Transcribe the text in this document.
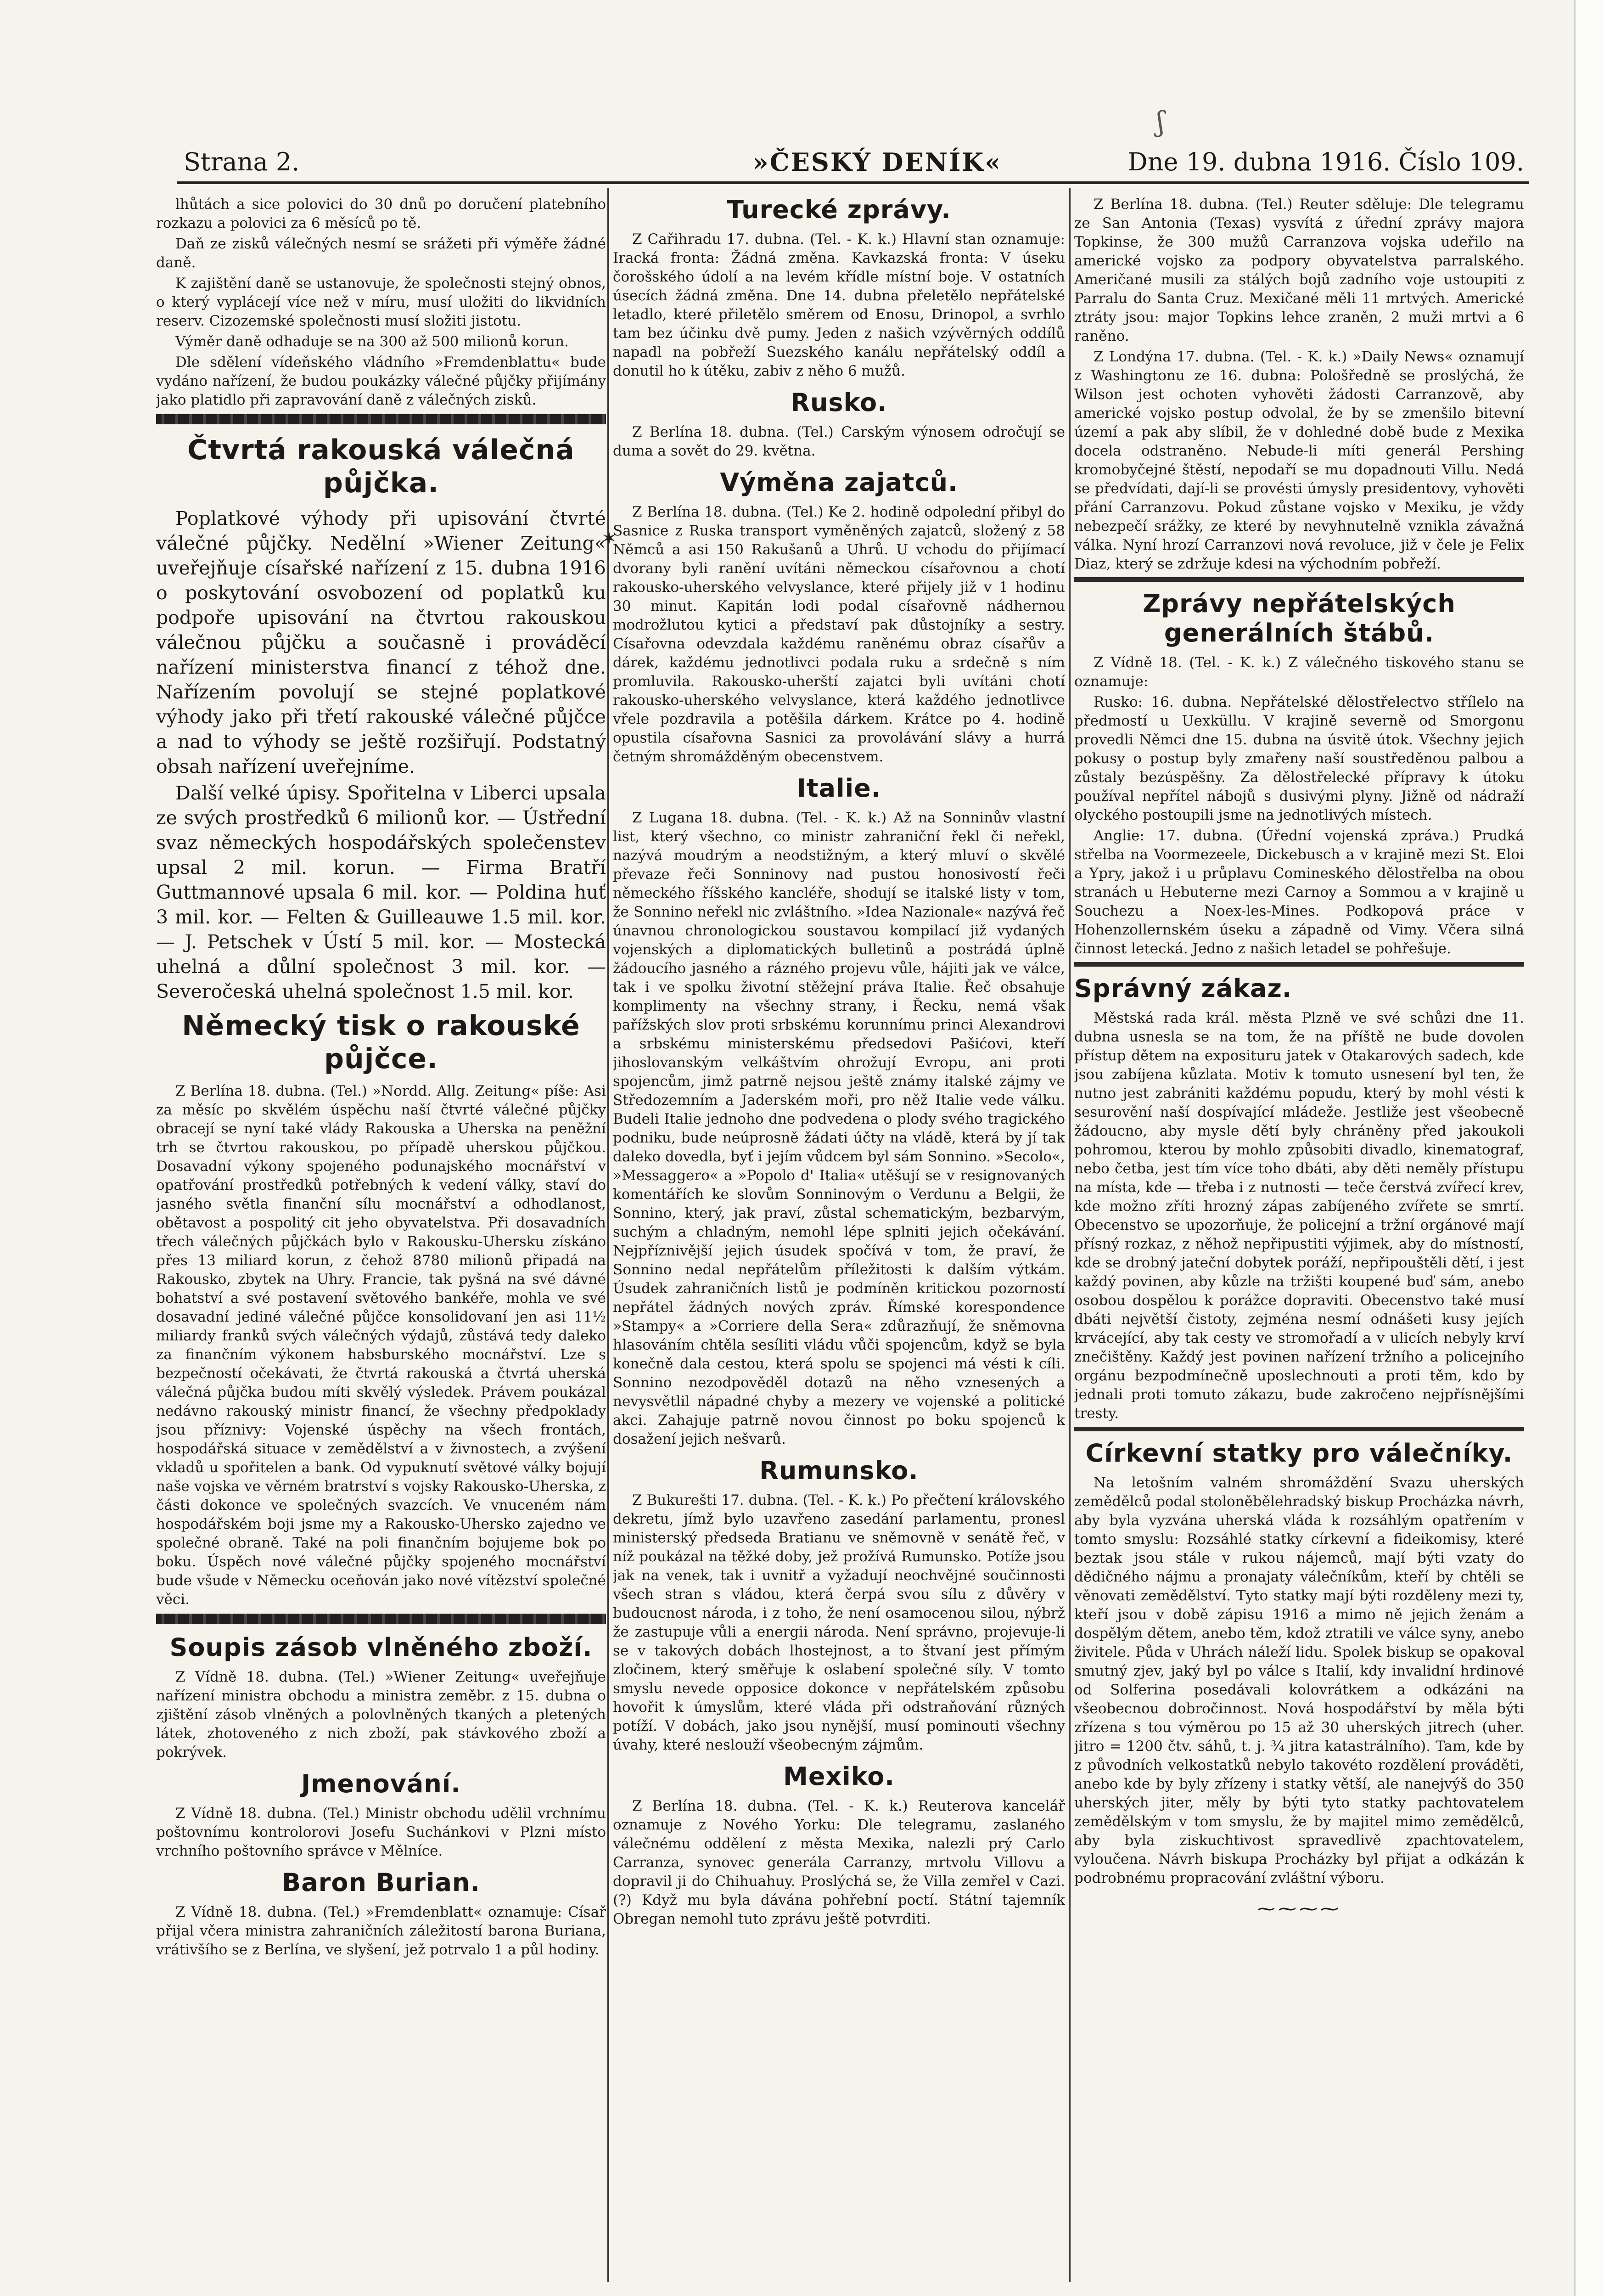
ʃ
Strana 2.	»ČESKÝ DENÍK«	Dne 19. dubna 1916. Číslo 109.
✶

lhůtách a sice polovici do 30 dnů po doručení platebního rozkazu a polovici za 6 měsíců po tě.

Daň ze zisků válečných nesmí se srážeti při výměře žádné daně.

K zajištění daně se ustanovuje, že společnosti stejný obnos, o který vyplácejí více než v míru, musí uložiti do likvidních reserv. Cizozemské společnosti musí složiti jistotu.

Výměr daně odhaduje se na 300 až 500 milionů korun.

Dle sdělení vídeňského vládního »Fremdenblattu« bude vydáno nařízení, že budou poukázky válečné půjčky přijímány jako platidlo při zapravování daně z válečných zisků.

Čtvrtá rakouská válečná půjčka.

Poplatkové výhody při upisování čtvrté válečné půjčky. Nedělní »Wiener Zeitung« uveřejňuje císařské nařízení z 15. dubna 1916 o poskytování osvobození od poplatků ku podpoře upisování na čtvrtou rakouskou válečnou půjčku a současně i prováděcí nařízení ministerstva financí z téhož dne. Nařízením povolují se stejné poplatkové výhody jako při třetí rakouské válečné půjčce a nad to výhody se ještě rozšiřují. Podstatný obsah nařízení uveřejníme.

Další velké úpisy. Spořitelna v Liberci upsala ze svých prostředků 6 milionů kor. — Ústřední svaz německých hospodářských společenstev upsal 2 mil. korun. — Firma Bratří Guttmannové upsala 6 mil. kor. — Poldina huť 3 mil. kor. — Felten & Guilleauwe 1.5 mil. kor. — J. Petschek v Ústí 5 mil. kor. — Mostecká uhelná a důlní společnost 3 mil. kor. — Severočeská uhelná společnost 1.5 mil. kor.

Německý tisk o rakouské půjčce.

Z Berlína 18. dubna. (Tel.) »Nordd. Allg. Zeitung« píše: Asi za měsíc po skvělém úspěchu naší čtvrté válečné půjčky obracejí se nyní také vlády Rakouska a Uherska na peněžní trh se čtvrtou rakouskou, po případě uherskou půjčkou. Dosavadní výkony spojeného podunajského mocnářství v opatřování prostředků potřebných k vedení války, staví do jasného světla finanční sílu mocnářství a odhodlanost, obětavost a pospolitý cit jeho obyvatelstva. Při dosavadních třech válečných půjčkách bylo v Rakousku-Uhersku získáno přes 13 miliard korun, z čehož 8780 milionů připadá na Rakousko, zbytek na Uhry. Francie, tak pyšná na své dávné bohatství a své postavení světového bankéře, mohla ve své dosavadní jediné válečné půjčce konsolidovaní jen asi 11½ miliardy franků svých válečných výdajů, zůstává tedy daleko za finančním výkonem habsburského mocnářství. Lze s bezpečností očekávati, že čtvrtá rakouská a čtvrtá uherská válečná půjčka budou míti skvělý výsledek. Právem poukázal nedávno rakouský ministr financí, že všechny předpoklady jsou příznivy: Vojenské úspěchy na všech frontách, hospodářská situace v zemědělství a v živnostech, a zvýšení vkladů u spořitelen a bank. Od vypuknutí světové války bojují naše vojska ve věrném bratrství s vojsky Rakousko-Uherska, z části dokonce ve společných svazcích. Ve vnuceném nám hospodářském boji jsme my a Rakousko-Uhersko zajedno ve společné obraně. Také na poli finančním bojujeme bok po boku. Úspěch nové válečné půjčky spojeného mocnářství bude všude v Německu oceňován jako nové vítězství společné věci.

Soupis zásob vlněného zboží.

Z Vídně 18. dubna. (Tel.) »Wiener Zeitung« uveřejňuje nařízení ministra obchodu a ministra zeměbr. z 15. dubna o zjištění zásob vlněných a polovlněných tkaných a pletených látek, zhotoveného z nich zboží, pak stávkového zboží a pokrývek.

Jmenování.

Z Vídně 18. dubna. (Tel.) Ministr obchodu udělil vrchnímu poštovnímu kontrolorovi Josefu Suchánkovi v Plzni místo vrchního poštovního správce v Mělníce.

Baron Burian.

Z Vídně 18. dubna. (Tel.) »Fremdenblatt« oznamuje: Císař přijal včera ministra zahraničních záležitostí barona Buriana, vrátivšího se z Berlína, ve slyšení, jež potrvalo 1 a půl hodiny.

Turecké zprávy.

Z Cařihradu 17. dubna. (Tel. - K. k.) Hlavní stan oznamuje: Iracká fronta: Žádná změna. Kavkazská fronta: V úseku čorošského údolí a na levém křídle místní boje. V ostatních úsecích žádná změna. Dne 14. dubna přeletělo nepřátelské letadlo, které přiletělo směrem od Enosu, Drinopol, a svrhlo tam bez účinku dvě pumy. Jeden z našich vzývěrných oddílů napadl na pobřeží Suezského kanálu nepřátelský oddíl a donutil ho k útěku, zabiv z něho 6 mužů.

Rusko.

Z Berlína 18. dubna. (Tel.) Carským výnosem odročují se duma a sovět do 29. května.

Výměna zajatců.

Z Berlína 18. dubna. (Tel.) Ke 2. hodině odpolední přibyl do Sasnice z Ruska transport vyměněných zajatců, složený z 58 Němců a asi 150 Rakušanů a Uhrů. U vchodu do přijímací dvorany byli ranění uvítáni německou císařovnou a chotí rakousko-uherského velvyslance, které přijely již v 1 hodinu 30 minut. Kapitán lodi podal císařovně nádhernou modrožlutou kytici a představí pak důstojníky a sestry. Císařovna odevzdala každému raněnému obraz císařův a dárek, každému jednotlivci podala ruku a srdečně s ním promluvila. Rakousko-uherští zajatci byli uvítáni chotí rakousko-uherského velvyslance, která každého jednotlivce vřele pozdravila a potěšila dárkem. Krátce po 4. hodině opustila císařovna Sasnici za provolávání slávy a hurrá četným shromážděným obecenstvem.

Italie.

Z Lugana 18. dubna. (Tel. - K. k.) Až na Sonninův vlastní list, který všechno, co ministr zahraniční řekl či neřekl, nazývá moudrým a neodstižným, a který mluví o skvělé převaze řeči Sonninovy nad pustou honosivostí řeči německého říšského kancléře, shodují se italské listy v tom, že Sonnino neřekl nic zvláštního. »Idea Nazionale« nazývá řeč únavnou chronologickou soustavou kompilací již vydaných vojenských a diplomatických bulletinů a postrádá úplně žádoucího jasného a rázného projevu vůle, hájiti jak ve válce, tak i ve spolku životní stěžejní práva Italie. Řeč obsahuje komplimenty na všechny strany, i Řecku, nemá však pařížských slov proti srbskému korunnímu princi Alexandrovi a srbskému ministerskému předsedovi Pašićovi, kteří jihoslovanským velkáštvím ohrožují Evropu, ani proti spojencům, jimž patrně nejsou ještě známy italské zájmy ve Středozemním a Jaderském moři, pro něž Italie vede válku. Budeli Italie jednoho dne podvedena o plody svého tragického podniku, bude neúprosně žádati účty na vládě, která by jí tak daleko dovedla, byť i jejím vůdcem byl sám Sonnino. »Secolo«, »Messaggero« a »Popolo d' Italia« utěšují se v resignovaných komentářích ke slovům Sonninovým o Verdunu a Belgii, že Sonnino, který, jak praví, zůstal schematickým, bezbarvým, suchým a chladným, nemohl lépe splniti jejich očekávání. Nejpříznivější jejich úsudek spočívá v tom, že praví, že Sonnino nedal nepřátelům příležitosti k dalším výtkám. Úsudek zahraničních listů je podmíněn kritickou pozorností nepřátel žádných nových zpráv. Římské korespondence »Stampy« a »Corriere della Sera« zdůrazňují, že sněmovna hlasováním chtěla sesíliti vládu vůči spojencům, když se byla konečně dala cestou, která spolu se spojenci má vésti k cíli. Sonnino nezodpověděl dotazů na něho vznesených a nevysvětlil nápadné chyby a mezery ve vojenské a politické akci. Zahajuje patrně novou činnost po boku spojenců k dosažení jejich nešvarů.

Rumunsko.

Z Bukurešti 17. dubna. (Tel. - K. k.) Po přečtení královského dekretu, jímž bylo uzavřeno zasedání parlamentu, pronesl ministerský předseda Bratianu ve sněmovně v senátě řeč, v níž poukázal na těžké doby, jež prožívá Rumunsko. Potíže jsou jak na venek, tak i uvnitř a vyžadují neochvějné součinnosti všech stran s vládou, která čerpá svou sílu z důvěry v budoucnost národa, i z toho, že není osamocenou silou, nýbrž že zastupuje vůli a energii národa. Není správno, projevuje-li se v takových dobách lhostejnost, a to štvaní jest přímým zločinem, který směřuje k oslabení společné síly. V tomto smyslu nevede opposice dokonce v nepřátelském způsobu hovořit k úmyslům, které vláda při odstraňování různých potíží. V dobách, jako jsou nynější, musí pominouti všechny úvahy, které neslouží všeobecným zájmům.

Mexiko.

Z Berlína 18. dubna. (Tel. - K. k.) Reuterova kancelář oznamuje z Nového Yorku: Dle telegramu, zaslaného válečnému oddělení z města Mexika, nalezli prý Carlo Carranza, synovec generála Carranzy, mrtvolu Villovu a dopravil ji do Chihuahuy. Proslýchá se, že Villa zemřel v Cazi. (?) Když mu byla dávána pohřební poctí. Státní tajemník Obregan nemohl tuto zprávu ještě potvrditi.

Z Berlína 18. dubna. (Tel.) Reuter sděluje: Dle telegramu ze San Antonia (Texas) vysvítá z úřední zprávy majora Topkinse, že 300 mužů Carranzova vojska udeřilo na americké vojsko za podpory obyvatelstva parralského. Američané musili za stálých bojů zadního voje ustoupiti z Parralu do Santa Cruz. Mexičané měli 11 mrtvých. Americké ztráty jsou: major Topkins lehce zraněn, 2 muži mrtvi a 6 raněno.

Z Londýna 17. dubna. (Tel. - K. k.) »Daily News« oznamují z Washingtonu ze 16. dubna: Pološředně se proslýchá, že Wilson jest ochoten vyhověti žádosti Carranzově, aby americké vojsko postup odvolal, že by se zmenšilo bitevní území a pak aby slíbil, že v dohledné době bude z Mexika docela odstraněno. Nebude-li míti generál Pershing kromobyčejné štěstí, nepodaří se mu dopadnouti Villu. Nedá se předvídati, dají-li se provésti úmysly presidentovy, vyhověti přání Carranzovu. Pokud zůstane vojsko v Mexiku, je vždy nebezpečí srážky, ze které by nevyhnutelně vznikla závažná válka. Nyní hrozí Carranzovi nová revoluce, již v čele je Felix Diaz, který se zdržuje kdesi na východním pobřeží.

Zprávy nepřátelských generálních štábů.

Z Vídně 18. (Tel. - K. k.) Z válečného tiskového stanu se oznamuje:

Rusko: 16. dubna. Nepřátelské dělostřelectvo střílelo na předmostí u Uexküllu. V krajině severně od Smorgonu provedli Němci dne 15. dubna na úsvitě útok. Všechny jejich pokusy o postup byly zmařeny naší soustředěnou palbou a zůstaly bezúspěšny. Za dělostřelecké přípravy k útoku používal nepřítel nábojů s dusivými plyny. Jižně od nádraží olyckého postoupili jsme na jednotlivých místech.

Anglie: 17. dubna. (Úřední vojenská zpráva.) Prudká střelba na Voormezeele, Dickebusch a v krajině mezi St. Eloi a Ypry, jakož i u průplavu Comineského dělostřelba na obou stranách u Hebuterne mezi Carnoy a Sommou a v krajině u Souchezu a Noex-les-Mines. Podkopová práce v Hohenzollernském úseku a západně od Vimy. Včera silná činnost letecká. Jedno z našich letadel se pohřešuje.

Správný zákaz.

Městská rada král. města Plzně ve své schůzi dne 11. dubna usnesla se na tom, že na příště ne bude dovolen přístup dětem na exposituru jatek v Otakarových sadech, kde jsou zabíjena kůzlata. Motiv k tomuto usnesení byl ten, že nutno jest zabrániti každému popudu, který by mohl vésti k sesurovění naší dospívající mládeže. Jestliže jest všeobecně žádoucno, aby mysle dětí byly chráněny před jakoukoli pohromou, kterou by mohlo způsobiti divadlo, kinematograf, nebo četba, jest tím více toho dbáti, aby děti neměly přístupu na místa, kde — třeba i z nutnosti — teče čerstvá zvířecí krev, kde možno zříti hrozný zápas zabíjeného zvířete se smrtí. Obecenstvo se upozorňuje, že policejní a tržní orgánové mají přísný rozkaz, z něhož nepřipustiti výjimek, aby do místností, kde se drobný jateční dobytek poráží, nepřipouštěli dětí, i jest každý povinen, aby kůzle na tržišti koupené buď sám, anebo osobou dospělou k porážce dopraviti. Obecenstvo také musí dbáti největší čistoty, zejména nesmí odnášeti kusy jejích krvácející, aby tak cesty ve stromořadí a v ulicích nebyly krví znečištěny. Každý jest povinen nařízení tržního a policejního orgánu bezpodmínečně uposlechnouti a proti těm, kdo by jednali proti tomuto zákazu, bude zakročeno nejpřísnějšími tresty.

Církevní statky pro válečníky.

Na letošním valném shromáždění Svazu uherských zemědělců podal stoloněbělehradský biskup Procházka návrh, aby byla vyzvána uherská vláda k rozsáhlým opatřením v tomto smyslu: Rozsáhlé statky církevní a fideikomisy, které beztak jsou stále v rukou nájemců, mají býti vzaty do dědičného nájmu a pronajaty válečníkům, kteří by chtěli se věnovati zemědělství. Tyto statky mají býti rozděleny mezi ty, kteří jsou v době zápisu 1916 a mimo ně jejich ženám a dospělým dětem, anebo těm, kdož ztratili ve válce syny, anebo živitele. Půda v Uhrách náleží lidu. Spolek biskup se opakoval smutný zjev, jaký byl po válce s Italií, kdy invalidní hrdinové od Solferina posedávali kolovrátkem a odkázáni na všeobecnou dobročinnost. Nová hospodářství by měla býti zřízena s tou výměrou po 15 až 30 uherských jitrech (uher. jitro = 1200 čtv. sáhů, t. j. ¾ jitra katastrálního). Tam, kde by z původních velkostatků nebylo takovéto rozdělení prováděti, anebo kde by byly zřízeny i statky větší, ale nanejvýš do 350 uherských jiter, měly by býti tyto statky pachtovatelem zemědělským v tom smyslu, že by majitel mimo zemědělců, aby byla ziskuchtivost spravedlivě zpachtovatelem, vyloučena. Návrh biskupa Procházky byl přijat a odkázán k podrobnému propracování zvláštní výboru.

⁓⁓⁓⁓
